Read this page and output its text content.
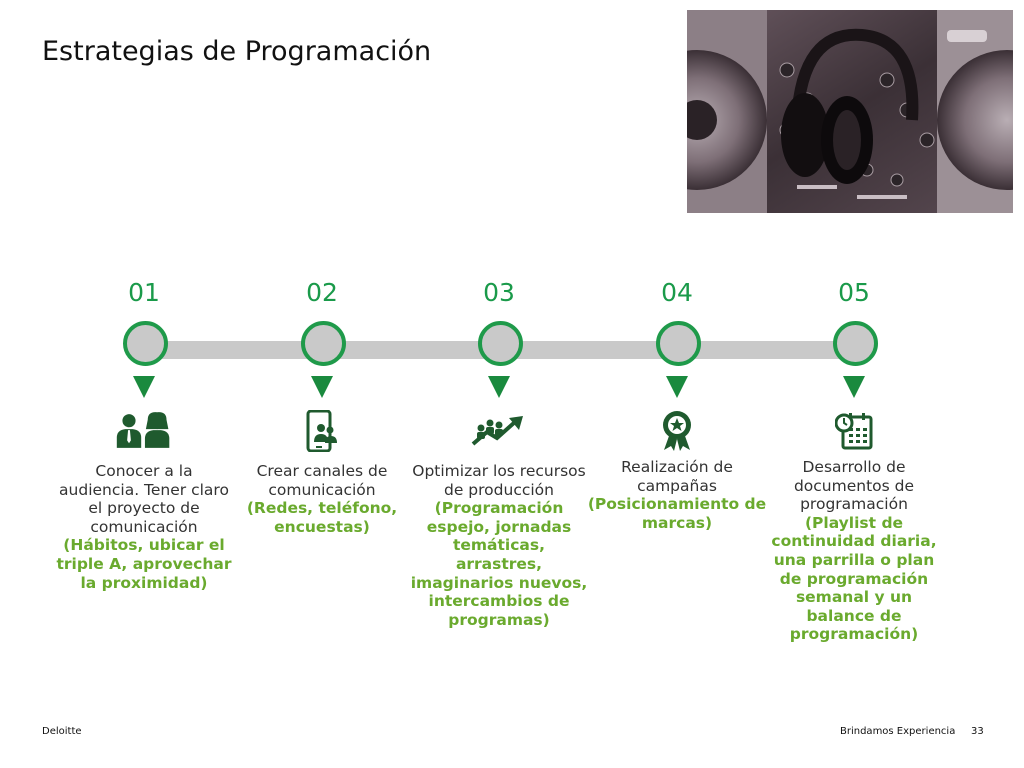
Estrategias de Programación
01
Conocer a la audiencia. Tener claro el proyecto de comunicación
(Hábitos, ubicar el triple A, aprovechar la proximidad)
02
Crear canales de comunicación
(Redes, teléfono, encuestas)
03
Optimizar los recursos de producción
(Programación espejo, jornadas temáticas, arrastres, imaginarios nuevos, intercambios de programas)
04
Realización de campañas
(Posicionamiento de marcas)
05
Desarrollo de documentos de programación
(Playlist de continuidad diaria, una parrilla o plan de programación semanal y un balance de programación)
Deloitte	Brindamos Experiencia 33
